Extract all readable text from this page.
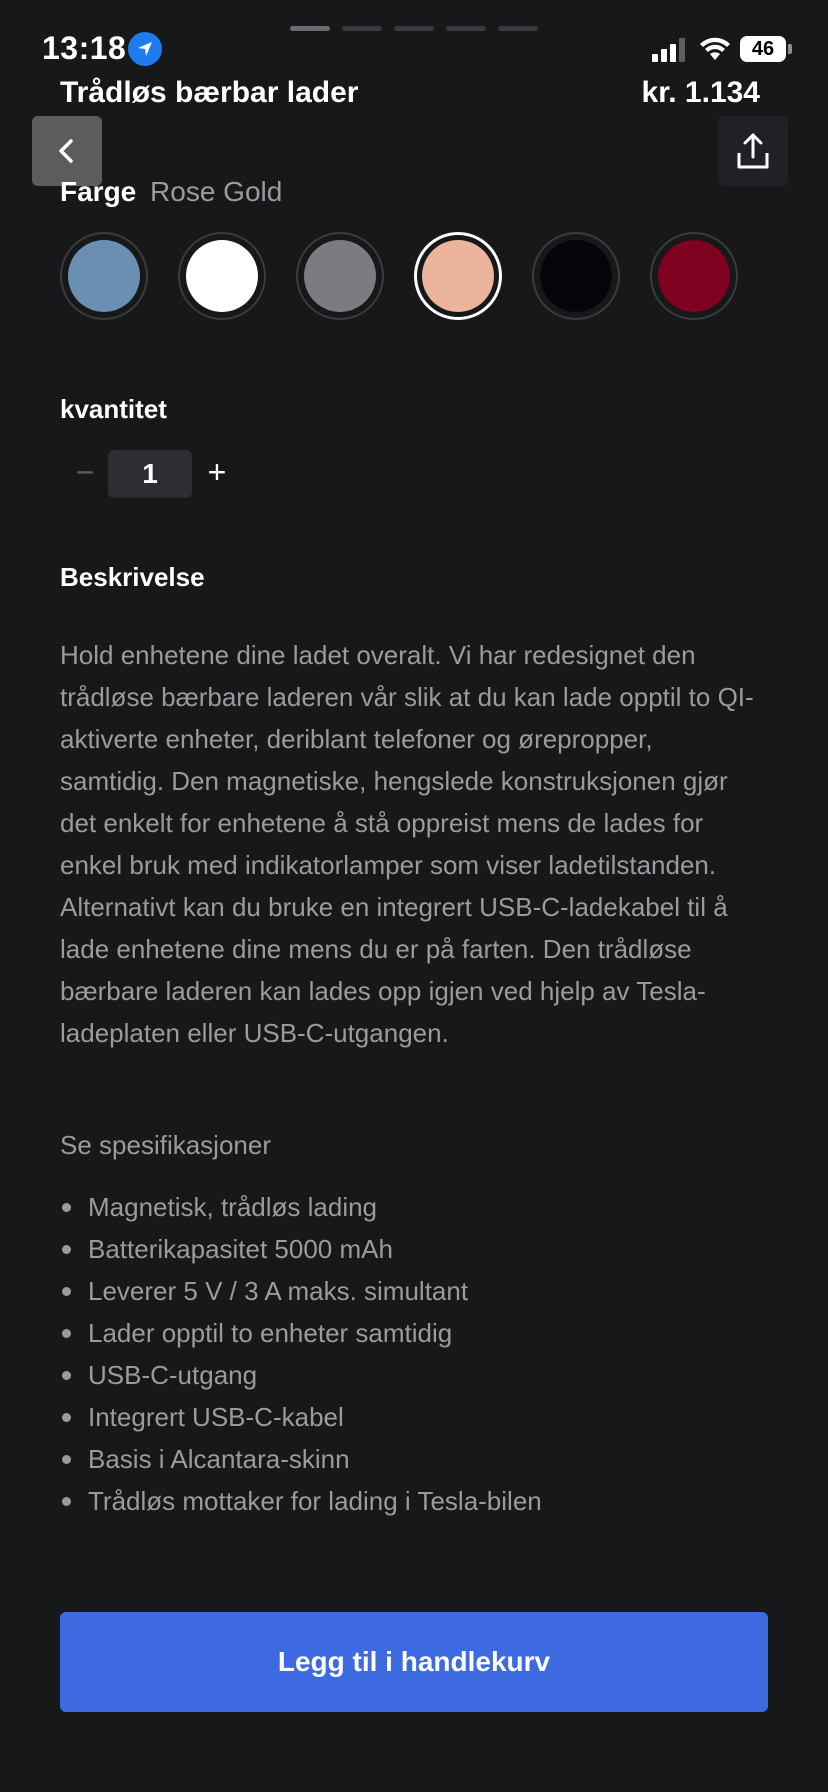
13:18	46
Trådløs bærbar lader	kr. 1.134
Farge Rose Gold
kvantitet
−	1	+
Beskrivelse

Hold enhetene dine ladet overalt. Vi har redesignet den trådløse bærbare laderen vår slik at du kan lade opptil to QI-aktiverte enheter, deriblant telefoner og ørepropper, samtidig. Den magnetiske, hengslede konstruksjonen gjør det enkelt for enhetene å stå oppreist mens de lades for enkel bruk med indikatorlamper som viser ladetilstanden. Alternativt kan du bruke en integrert USB-C-ladekabel til å lade enhetene dine mens du er på farten. Den trådløse bærbare laderen kan lades opp igjen ved hjelp av Tesla-ladeplaten eller USB-C-utgangen.

Se spesifikasjoner
Magnetisk, trådløs lading
Batterikapasitet 5000 mAh
Leverer 5 V / 3 A maks. simultant
Lader opptil to enheter samtidig
USB-C-utgang
Integrert USB-C-kabel
Basis i Alcantara-skinn
Trådløs mottaker for lading i Tesla-bilen
Legg til i handlekurv
